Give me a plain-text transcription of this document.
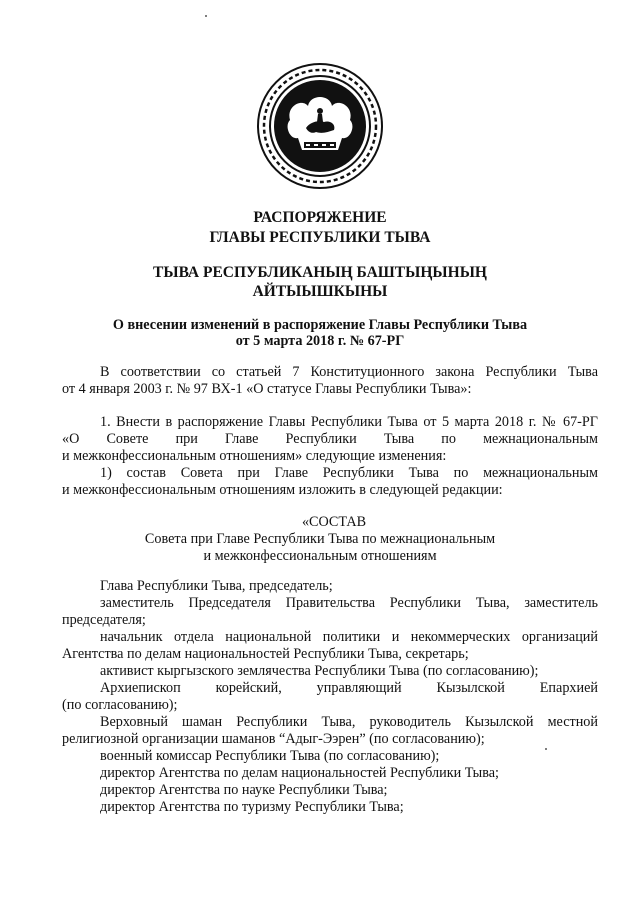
РАСПОРЯЖЕНИЕ
ГЛАВЫ РЕСПУБЛИКИ ТЫВА
ТЫВА РЕСПУБЛИКАНЫҢ БАШТЫҢЫНЫҢ
АЙТЫЫШКЫНЫ
О внесении изменений в распоряжение Главы Республики Тыва
от 5 марта 2018 г. № 67-РГ
В соответствии со статьей 7 Конституционного закона Республики Тыва
от 4 января 2003 г. № 97 ВХ-1 «О статусе Главы Республики Тыва»:
1. Внести в распоряжение Главы Республики Тыва от 5 марта 2018 г. № 67-РГ
«О Совете при Главе Республики Тыва по межнациональным
и межконфессиональным отношениям» следующие изменения:
1) состав Совета при Главе Республики Тыва по межнациональным
и межконфессиональным отношениям изложить в следующей редакции:
«СОСТАВ
Совета при Главе Республики Тыва по межнациональным
и межконфессиональным отношениям
Глава Республики Тыва, председатель;
заместитель Председателя Правительства Республики Тыва, заместитель
председателя;
начальник отдела национальной политики и некоммерческих организаций
Агентства по делам национальностей Республики Тыва, секретарь;
активист кыргызского землячества Республики Тыва (по согласованию);
Архиепископ корейский, управляющий Кызылской Епархией
(по согласованию);
Верховный шаман Республики Тыва, руководитель Кызылской местной
религиозной организации шаманов “Адыг-Ээрен” (по согласованию);
военный комиссар Республики Тыва (по согласованию);
директор Агентства по делам национальностей Республики Тыва;
директор Агентства по науке Республики Тыва;
директор Агентства по туризму Республики Тыва;
